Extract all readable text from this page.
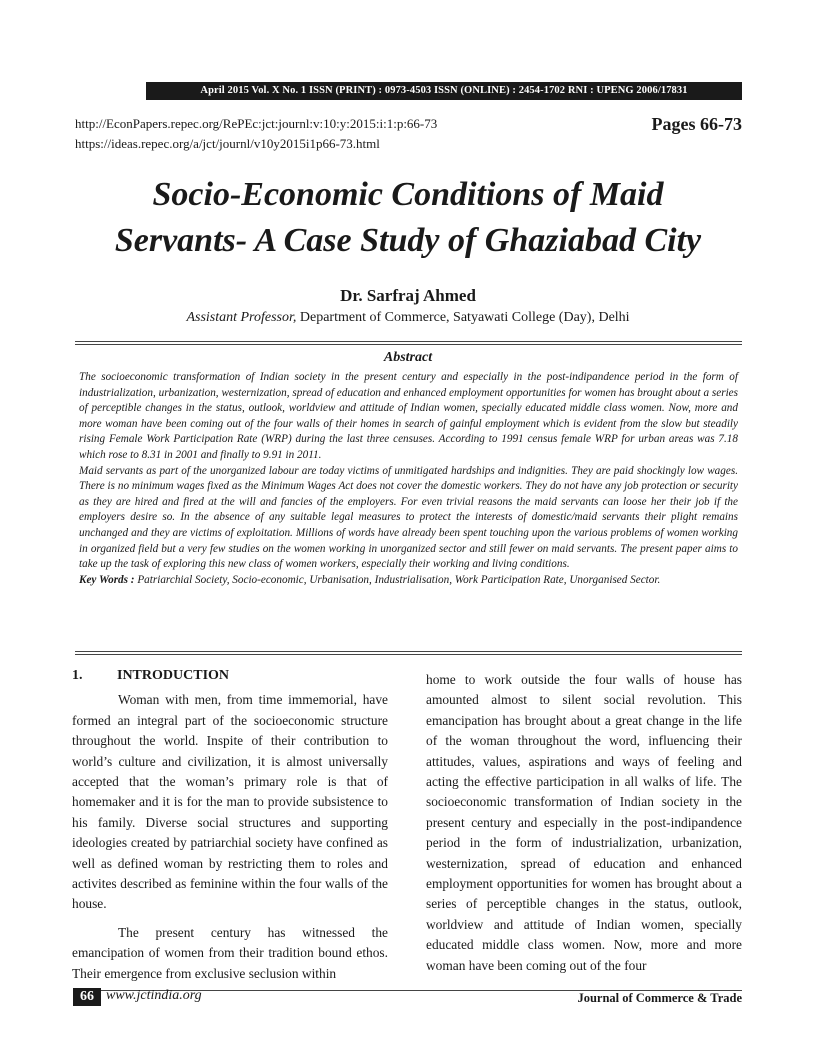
April 2015 Vol. X No. 1 ISSN (PRINT) : 0973-4503 ISSN (ONLINE) : 2454-1702 RNI : UPENG 2006/17831
http://EconPapers.repec.org/RePEc:jct:journl:v:10:y:2015:i:1:p:66-73
https://ideas.repec.org/a/jct/journl/v10y2015i1p66-73.html
Pages 66-73
Socio-Economic Conditions of Maid
Servants- A Case Study of Ghaziabad City
Dr. Sarfraj Ahmed
Assistant Professor, Department of Commerce, Satyawati College (Day), Delhi
Abstract

The socioeconomic transformation of Indian society in the present century and especially in the post-indipandence period in the form of industrialization, urbanization, westernization, spread of education and enhanced employment opportunities for women has brought about a series of perceptible changes in the status, outlook, worldview and attitude of Indian women, specially educated middle class women. Now, more and more woman have been coming out of the four walls of their homes in search of gainful employment which is evident from the slow but steadily rising Female Work Participation Rate (WRP) during the last three censuses. According to 1991 census female WRP for urban areas was 7.18 which rose to 8.31 in 2001 and finally to 9.91 in 2011.

Maid servants as part of the unorganized labour are today victims of unmitigated hardships and indignities. They are paid shockingly low wages. There is no minimum wages fixed as the Minimum Wages Act does not cover the domestic workers. They do not have any job protection or security as they are hired and fired at the will and fancies of the employers. For even trivial reasons the maid servants can loose her their job if the employers desire so. In the absence of any suitable legal measures to protect the interests of domestic/maid servants their plight remains unchanged and they are victims of exploitation. Millions of words have already been spent touching upon the various problems of women working in organized field but a very few studies on the women working in unorganized sector and still fewer on maid servants. The present paper aims to take up the task of exploring this new class of women workers, especially their working and living conditions.

Key Words : Patriarchial Society, Socio-economic, Urbanisation, Industrialisation, Work Participation Rate, Unorganised Sector.

1. INTRODUCTION

Woman with men, from time immemorial, have formed an integral part of the socioeconomic structure throughout the world. Inspite of their contribution to world’s culture and civilization, it is almost universally accepted that the woman’s primary role is that of homemaker and it is for the man to provide subsistence to his family. Diverse social structures and supporting ideologies created by patriarchial society have confined as well as defined woman by restricting them to roles and activites described as feminine within the four walls of the house.

The present century has witnessed the emancipation of women from their tradition bound ethos. Their emergence from exclusive seclusion within

home to work outside the four walls of house has amounted almost to silent social revolution. This emancipation has brought about a great change in the life of the woman throughout the word, influencing their attitudes, values, aspirations and ways of feeling and acting the effective participation in all walks of life. The socioeconomic transformation of Indian society in the present century and especially in the post-indipandence period in the form of industrialization, urbanization, westernization, spread of education and enhanced employment opportunities for women has brought about a series of perceptible changes in the status, outlook, worldview and attitude of Indian women, specially educated middle class women. Now, more and more woman have been coming out of the four

66 www.jctindia.org	Journal of Commerce & Trade
